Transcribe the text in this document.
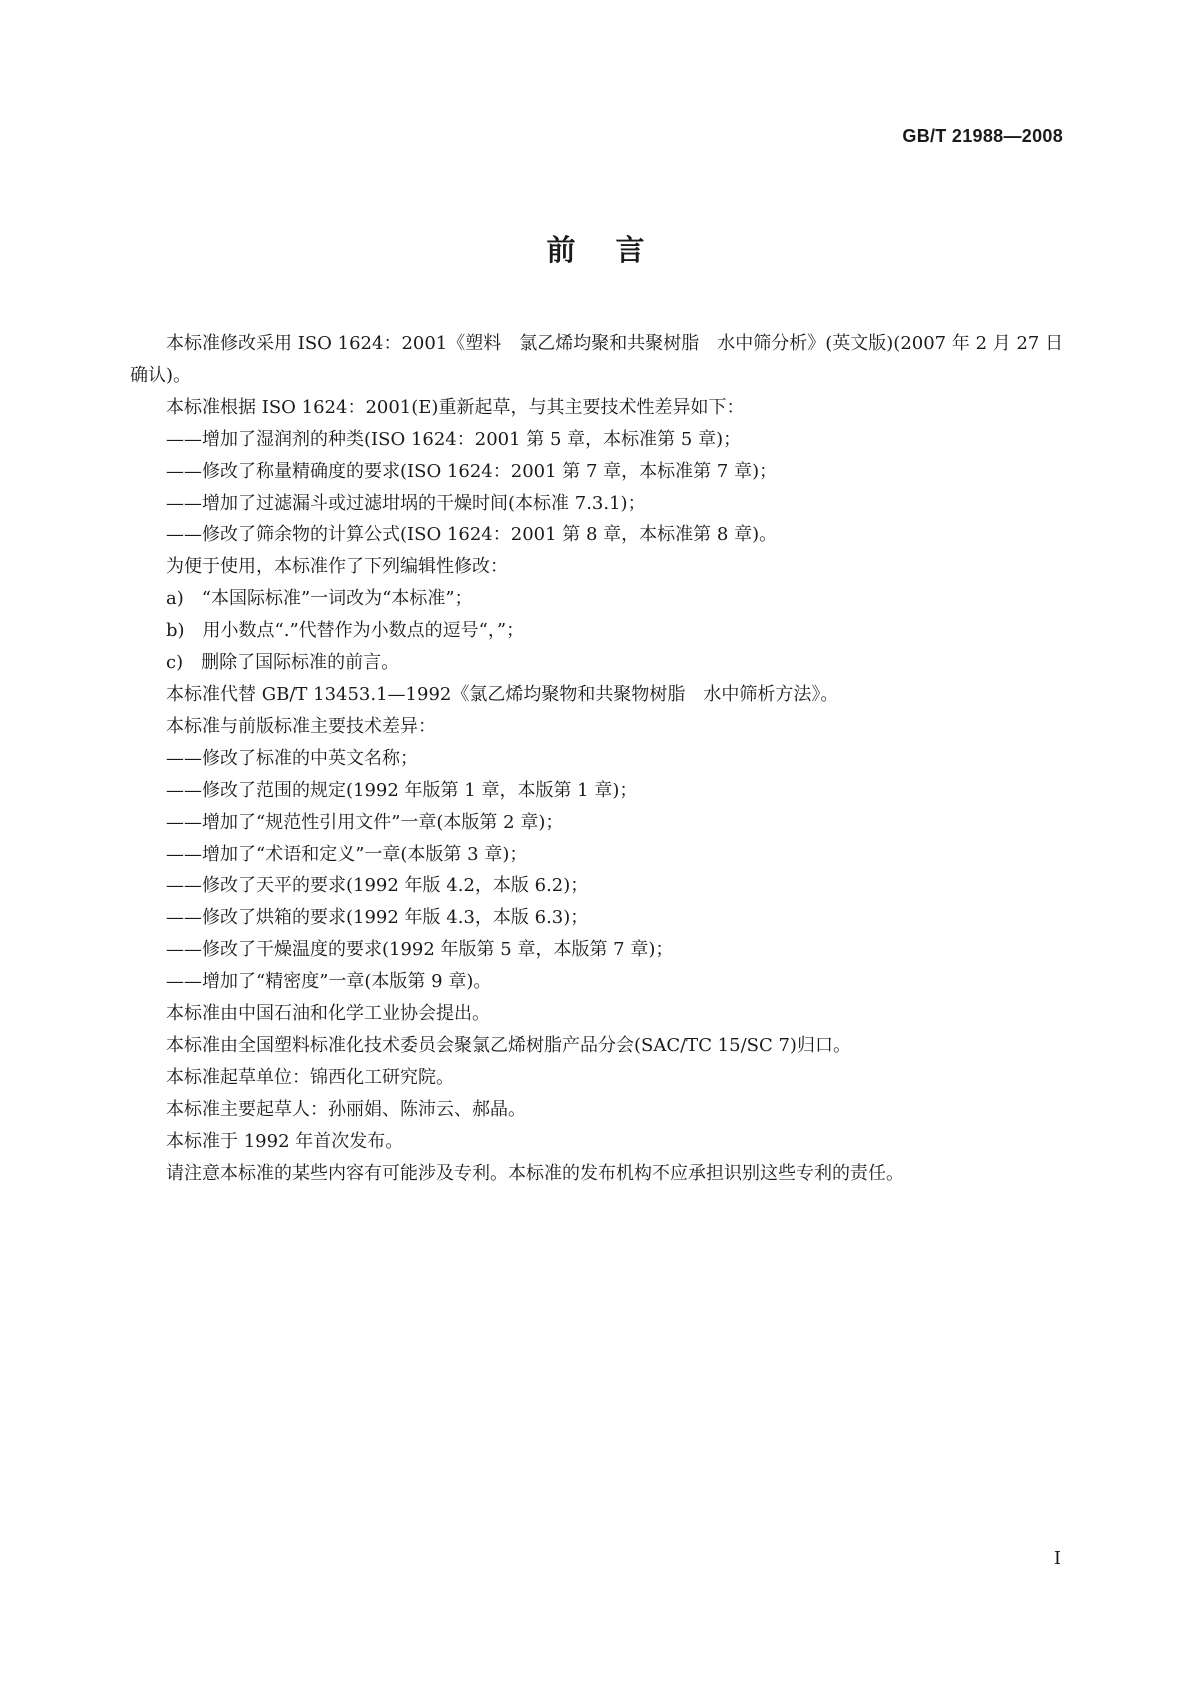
GB/T 21988—2008
前言

本标准修改采用 ISO 1624：2001《塑料　氯乙烯均聚和共聚树脂　水中筛分析》(英文版)(2007 年 2 月 27 日确认)。

本标准根据 ISO 1624：2001(E)重新起草，与其主要技术性差异如下：

——增加了湿润剂的种类(ISO 1624：2001 第 5 章，本标准第 5 章)；

——修改了称量精确度的要求(ISO 1624：2001 第 7 章，本标准第 7 章)；

——增加了过滤漏斗或过滤坩埚的干燥时间(本标准 7.3.1)；

——修改了筛余物的计算公式(ISO 1624：2001 第 8 章，本标准第 8 章)。

为便于使用，本标准作了下列编辑性修改：

a)　“本国际标准”一词改为“本标准”；

b)　用小数点“.”代替作为小数点的逗号“，”；

c)　删除了国际标准的前言。

本标准代替 GB/T 13453.1—1992《氯乙烯均聚物和共聚物树脂　水中筛析方法》。

本标准与前版标准主要技术差异：

——修改了标准的中英文名称；

——修改了范围的规定(1992 年版第 1 章，本版第 1 章)；

——增加了“规范性引用文件”一章(本版第 2 章)；

——增加了“术语和定义”一章(本版第 3 章)；

——修改了天平的要求(1992 年版 4.2，本版 6.2)；

——修改了烘箱的要求(1992 年版 4.3，本版 6.3)；

——修改了干燥温度的要求(1992 年版第 5 章，本版第 7 章)；

——增加了“精密度”一章(本版第 9 章)。

本标准由中国石油和化学工业协会提出。

本标准由全国塑料标准化技术委员会聚氯乙烯树脂产品分会(SAC/TC 15/SC 7)归口。

本标准起草单位：锦西化工研究院。

本标准主要起草人：孙丽娟、陈沛云、郝晶。

本标准于 1992 年首次发布。

请注意本标准的某些内容有可能涉及专利。本标准的发布机构不应承担识别这些专利的责任。

I
